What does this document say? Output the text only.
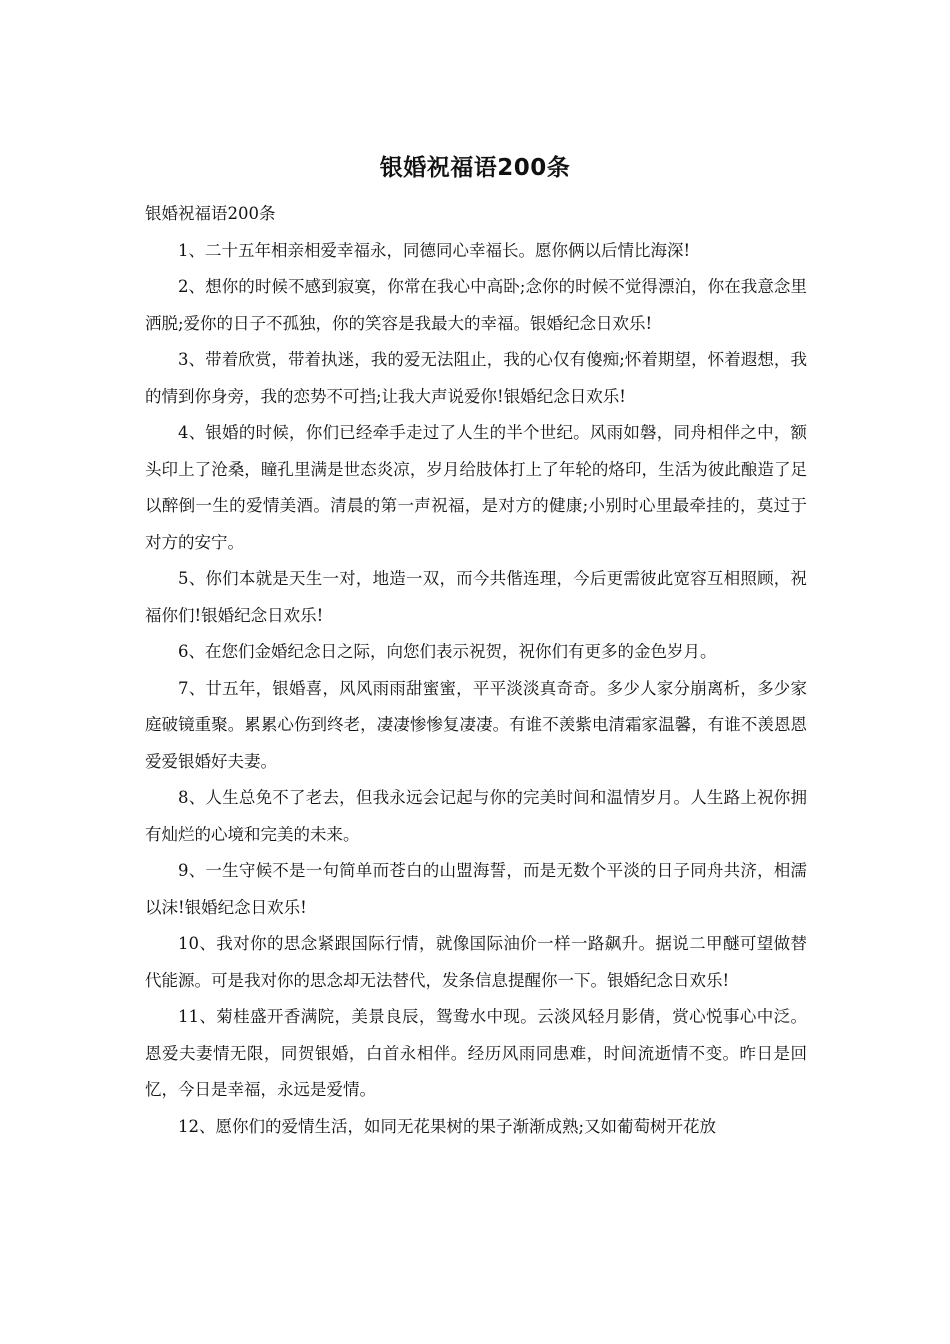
银婚祝福语200条

银婚祝福语200条

1、二十五年相亲相爱幸福永，同德同心幸福长。愿你俩以后情比海深!

2、想你的时候不感到寂寞，你常在我心中高卧;念你的时候不觉得漂泊，你在我意念里洒脱;爱你的日子不孤独，你的笑容是我最大的幸福。银婚纪念日欢乐!

3、带着欣赏，带着执迷，我的爱无法阻止，我的心仅有傻痴;怀着期望，怀着遐想，我的情到你身旁，我的恋势不可挡;让我大声说爱你!银婚纪念日欢乐!

4、银婚的时候，你们已经牵手走过了人生的半个世纪。风雨如磐，同舟相伴之中，额头印上了沧桑，瞳孔里满是世态炎凉，岁月给肢体打上了年轮的烙印，生活为彼此酿造了足以醉倒一生的爱情美酒。清晨的第一声祝福，是对方的健康;小别时心里最牵挂的，莫过于对方的安宁。

5、你们本就是天生一对，地造一双，而今共偕连理，今后更需彼此宽容互相照顾，祝福你们!银婚纪念日欢乐!

6、在您们金婚纪念日之际，向您们表示祝贺，祝你们有更多的金色岁月。

7、廿五年，银婚喜，风风雨雨甜蜜蜜，平平淡淡真奇奇。多少人家分崩离析，多少家庭破镜重聚。累累心伤到终老，凄凄惨惨复凄凄。有谁不羡紫电清霜家温馨，有谁不羡恩恩爱爱银婚好夫妻。

8、人生总免不了老去，但我永远会记起与你的完美时间和温情岁月。人生路上祝你拥有灿烂的心境和完美的未来。

9、一生守候不是一句简单而苍白的山盟海誓，而是无数个平淡的日子同舟共济，相濡以沫!银婚纪念日欢乐!

10、我对你的思念紧跟国际行情，就像国际油价一样一路飙升。据说二甲醚可望做替代能源。可是我对你的思念却无法替代，发条信息提醒你一下。银婚纪念日欢乐!

11、菊桂盛开香满院，美景良辰，鸳鸯水中现。云淡风轻月影倩，赏心悦事心中泛。恩爱夫妻情无限，同贺银婚，白首永相伴。经历风雨同患难，时间流逝情不变。昨日是回忆，今日是幸福，永远是爱情。

12、愿你们的爱情生活，如同无花果树的果子渐渐成熟;又如葡萄树开花放
